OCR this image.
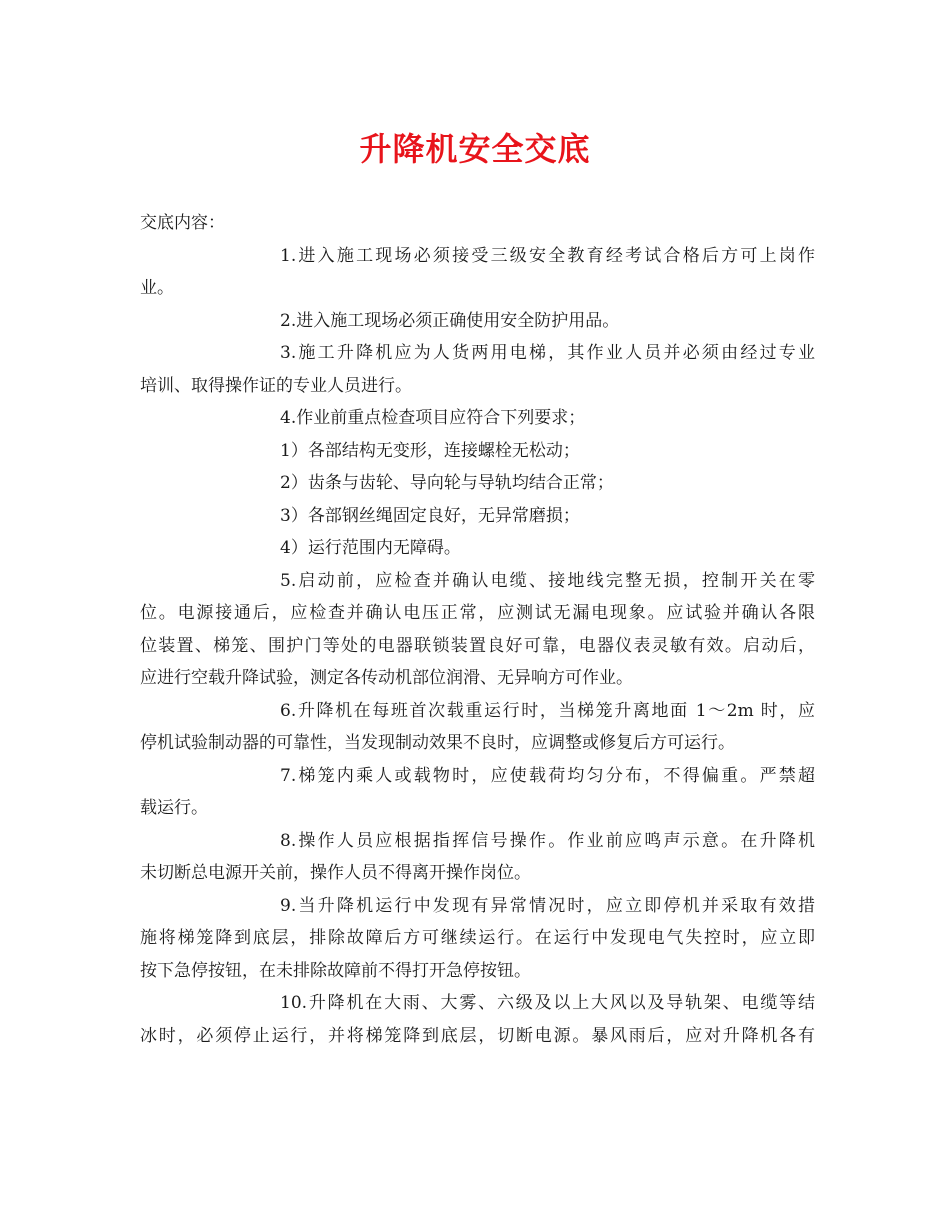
升降机安全交底
交底内容：
1.进入施工现场必须接受三级安全教育经考试合格后方可上岗作
业。
2.进入施工现场必须正确使用安全防护用品。
3.施工升降机应为人货两用电梯，其作业人员并必须由经过专业
培训、取得操作证的专业人员进行。
4.作业前重点检查项目应符合下列要求；
1）各部结构无变形，连接螺栓无松动；
2）齿条与齿轮、导向轮与导轨均结合正常；
3）各部钢丝绳固定良好，无异常磨损；
4）运行范围内无障碍。
5.启动前，应检查并确认电缆、接地线完整无损，控制开关在零
位。电源接通后，应检查并确认电压正常，应测试无漏电现象。应试验并确认各限
位装置、梯笼、围护门等处的电器联锁装置良好可靠，电器仪表灵敏有效。启动后，
应进行空载升降试验，测定各传动机部位润滑、无异响方可作业。
6.升降机在每班首次载重运行时，当梯笼升离地面 1～2m 时，应
停机试验制动器的可靠性，当发现制动效果不良时，应调整或修复后方可运行。
7.梯笼内乘人或载物时，应使载荷均匀分布，不得偏重。严禁超
载运行。
8.操作人员应根据指挥信号操作。作业前应鸣声示意。在升降机
未切断总电源开关前，操作人员不得离开操作岗位。
9.当升降机运行中发现有异常情况时，应立即停机并采取有效措
施将梯笼降到底层，排除故障后方可继续运行。在运行中发现电气失控时，应立即
按下急停按钮，在未排除故障前不得打开急停按钮。
10.升降机在大雨、大雾、六级及以上大风以及导轨架、电缆等结
冰时，必须停止运行，并将梯笼降到底层，切断电源。暴风雨后，应对升降机各有
